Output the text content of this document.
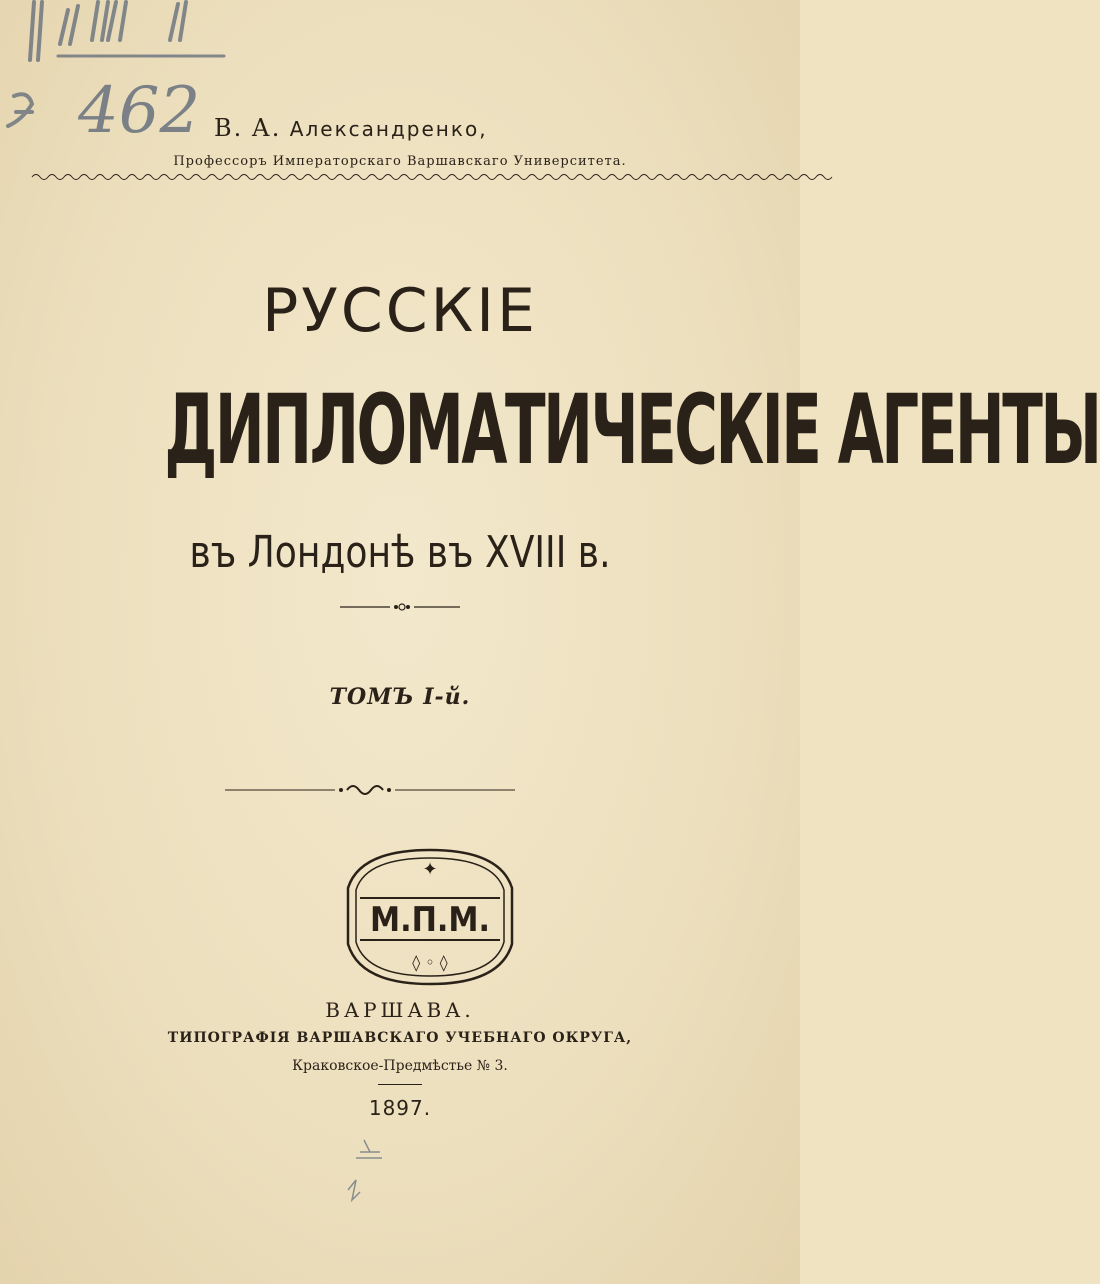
462 В. А. Александренко,
Профессоръ Императорскаго Варшавскаго Университета.
РУССКІЕ
ДИПЛОМАТИЧЕСКІЕ АГЕНТЫ
въ Лондонѣ въ XVIII в.
ТОМЪ I-й.
✦
М.П.М.
◊ ◦ ◊
ВАРШАВА.
ТИПОГРАФІЯ ВАРШАВСКАГО УЧЕБНАГО ОКРУГА,
Краковское-Предмѣстье № 3.
1897.
